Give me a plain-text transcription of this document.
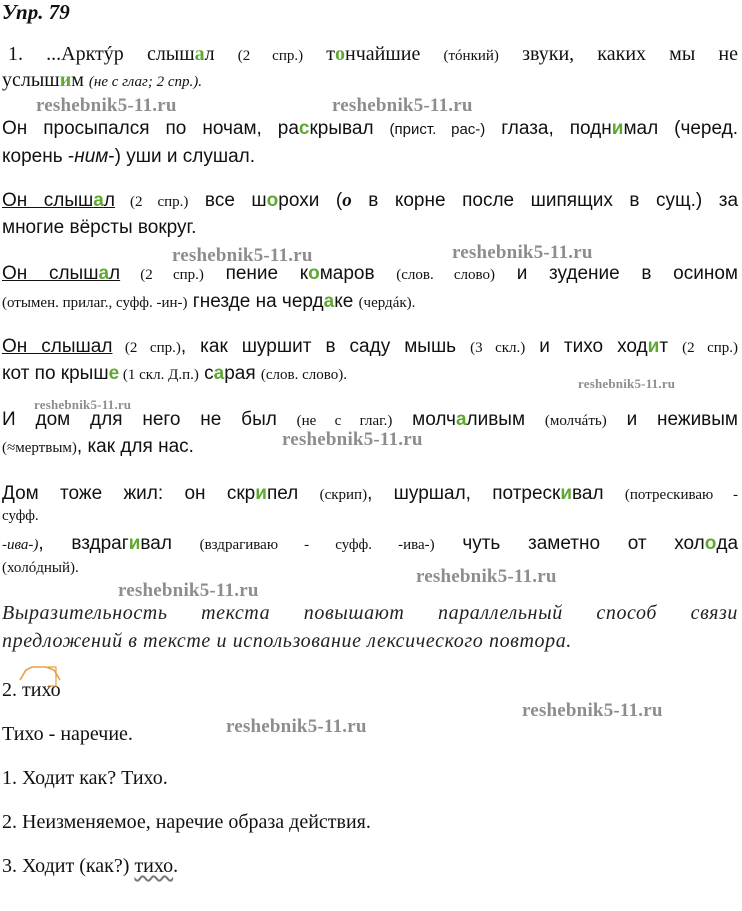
Упр. 79
1. ...Арктýр слышал (2 спр.) тончайшие (тóнкий) звуки, каких мы не
услышим (не с глаг; 2 спр.).
reshebnik5-11.ru	reshebnik5-11.ru
Он просыпался по ночам, раскрывал (прист. рас-) глаза, поднимал (черед.
корень -ним-) уши и слушал.
Он слышал (2 спр.) все шорохи (о в корне после шипящих в сущ.) за
многие вёрсты вокруг.
reshebnik5-11.ru	reshebnik5-11.ru
Он слышал (2 спр.) пение комаров (слов. слово) и зудение в осином
(отымен. прилаг., суфф. -ин-) гнезде на чердаке (чердáк).
Он слышал (2 спр.), как шуршит в саду мышь (3 скл.) и тихо ходит (2 спр.)
кот по крыше (1 скл. Д.п.) сарая (слов. слово).
reshebnik5-11.ru
reshebnik5-11.ru
И дом для него не был (не с глаг.) молчаливым (молчáть) и неживым
(≈мертвым), как для нас.	reshebnik5-11.ru
Дом тоже жил: он скрипел (скрип), шуршал, потрескивал (потрескиваю -
суфф.
-ива-), вздрагивал (вздрагиваю - суфф. -ива-) чуть заметно от холода
(холóдный).
reshebnik5-11.ru
reshebnik5-11.ru
Выразительность текста повышают параллельный способ связи
предложений в тексте и использование лексического повтора.
2.
тихо
reshebnik5-11.ru
Тихо - наречие.	reshebnik5-11.ru
1. Ходит как? Тихо.
2. Неизменяемое, наречие образа действия.
3. Ходит (как?) тихо.
